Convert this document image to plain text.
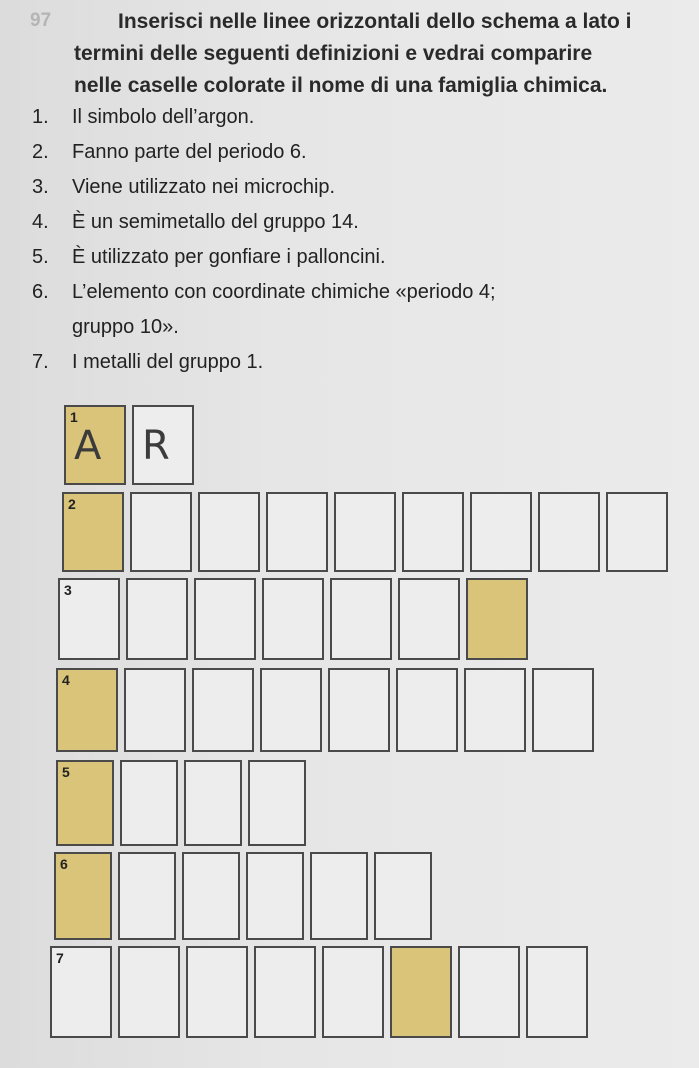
97	Inserisci nelle linee orizzontali dello schema a lato i
termini delle seguenti definizioni e vedrai comparire
nelle caselle colorate il nome di una famiglia chimica.
1.	Il simbolo dell’argon.
2.	Fanno parte del periodo 6.
3.	Viene utilizzato nei microchip.
4.	È un semimetallo del gruppo 14.
5.	È utilizzato per gonfiare i palloncini.
6.	L’elemento con coordinate chimiche «periodo 4;
gruppo 10».
7.	I metalli del gruppo 1.
1
A R
2
3
4
5
6
7
